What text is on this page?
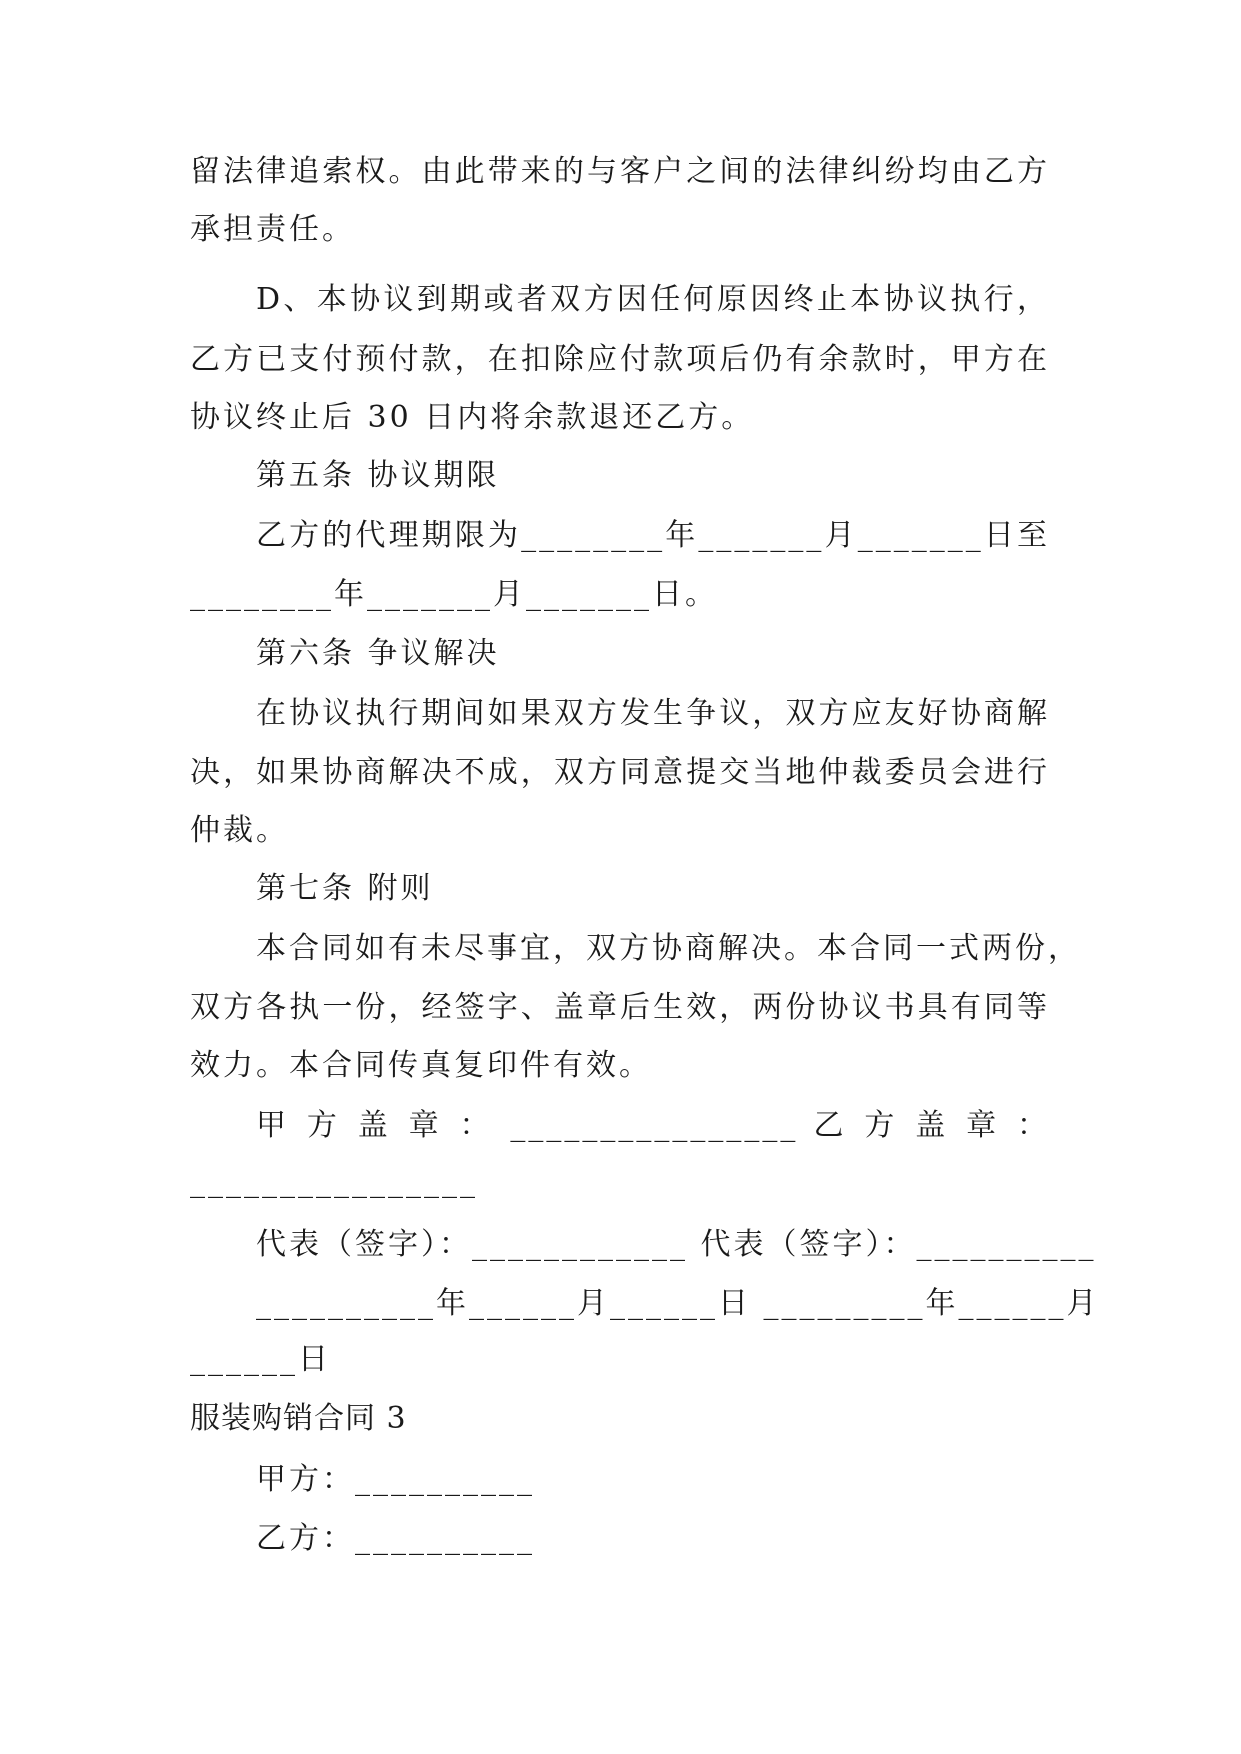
留法律追索权。由此带来的与客户之间的法律纠纷均由乙方
承担责任。
D、本协议到期或者双方因任何原因终止本协议执行，
乙方已支付预付款，在扣除应付款项后仍有余款时，甲方在
协议终止后 30 日内将余款退还乙方。
第五条 协议期限
乙方的代理期限为________年_______月_______日至
________年_______月_______日。
第六条 争议解决
在协议执行期间如果双方发生争议，双方应友好协商解
决，如果协商解决不成，双方同意提交当地仲裁委员会进行
仲裁。
第七条 附则
本合同如有未尽事宜，双方协商解决。本合同一式两份，
双方各执一份，经签字、盖章后生效，两份协议书具有同等
效力。本合同传真复印件有效。
甲 方 盖 章 ： ________________ 乙 方 盖 章 ：
________________
代表（签字）：____________ 代表（签字）：__________
__________年______月______日 _________年______月
______日
服装购销合同 3
甲方：__________
乙方：__________
